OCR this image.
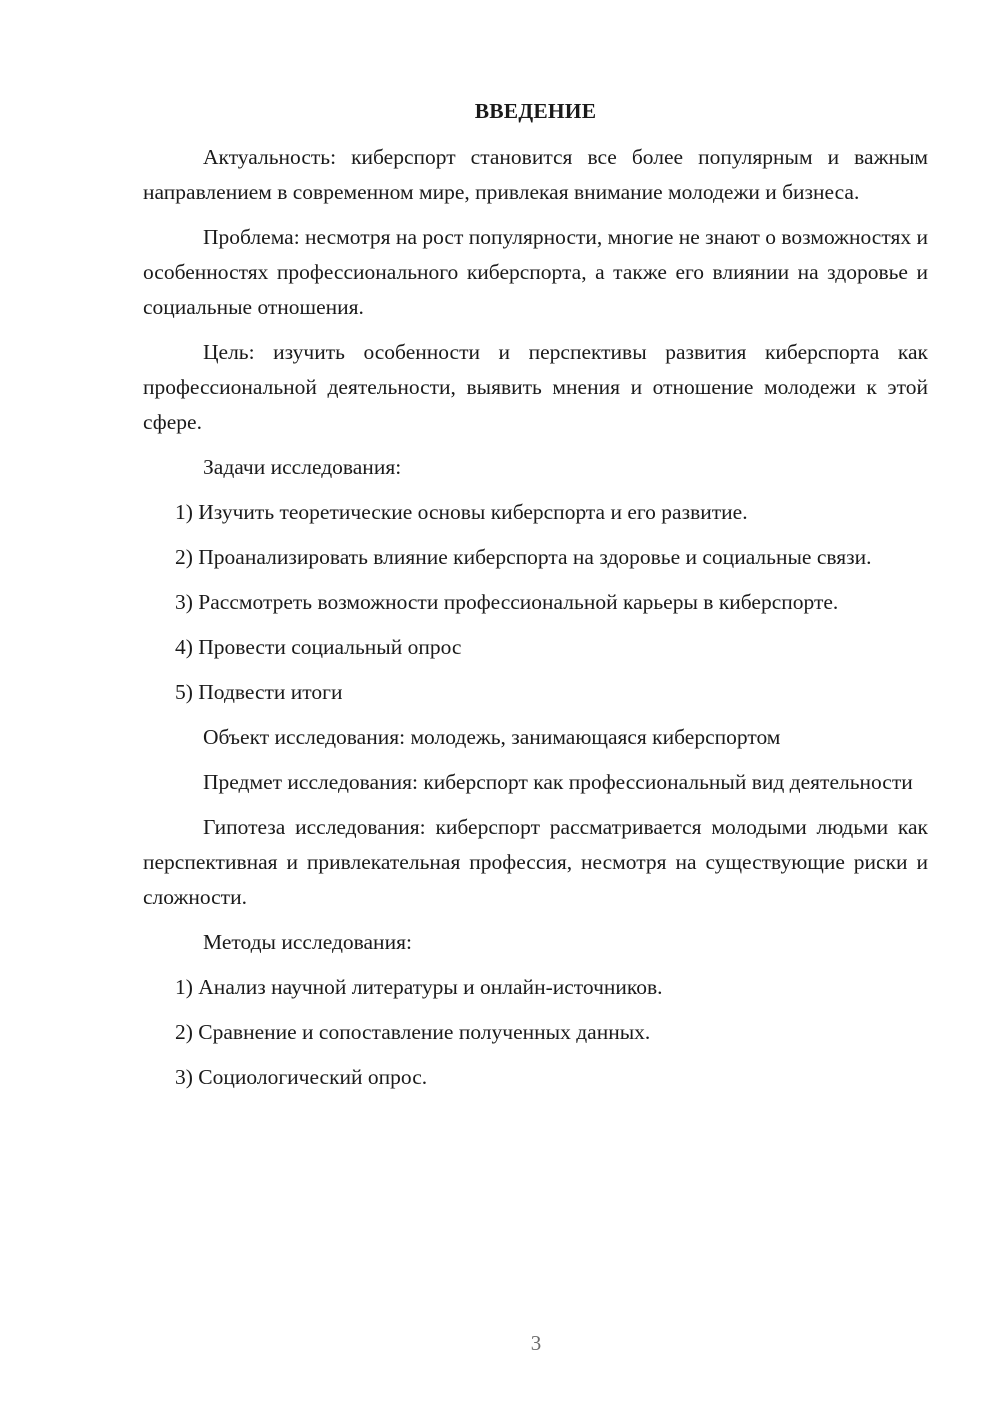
ВВЕДЕНИЕ

Актуальность: киберспорт становится все более популярным и важным направлением в современном мире, привлекая внимание молодежи и бизнеса.

Проблема: несмотря на рост популярности, многие не знают о возможностях и особенностях профессионального киберспорта, а также его влиянии на здоровье и социальные отношения.

Цель: изучить особенности и перспективы развития киберспорта как профессиональной деятельности, выявить мнения и отношение молодежи к этой сфере.

Задачи исследования:

1) Изучить теоретические основы киберспорта и его развитие.

2) Проанализировать влияние киберспорта на здоровье и социальные связи.

3) Рассмотреть возможности профессиональной карьеры в киберспорте.

4) Провести социальный опрос

5) Подвести итоги

Объект исследования: молодежь, занимающаяся киберспортом

Предмет исследования: киберспорт как профессиональный вид деятельности

Гипотеза исследования: киберспорт рассматривается молодыми людьми как перспективная и привлекательная профессия, несмотря на существующие риски и сложности.

Методы исследования:

1) Анализ научной литературы и онлайн-источников.

2) Сравнение и сопоставление полученных данных.

3) Социологический опрос.

3
